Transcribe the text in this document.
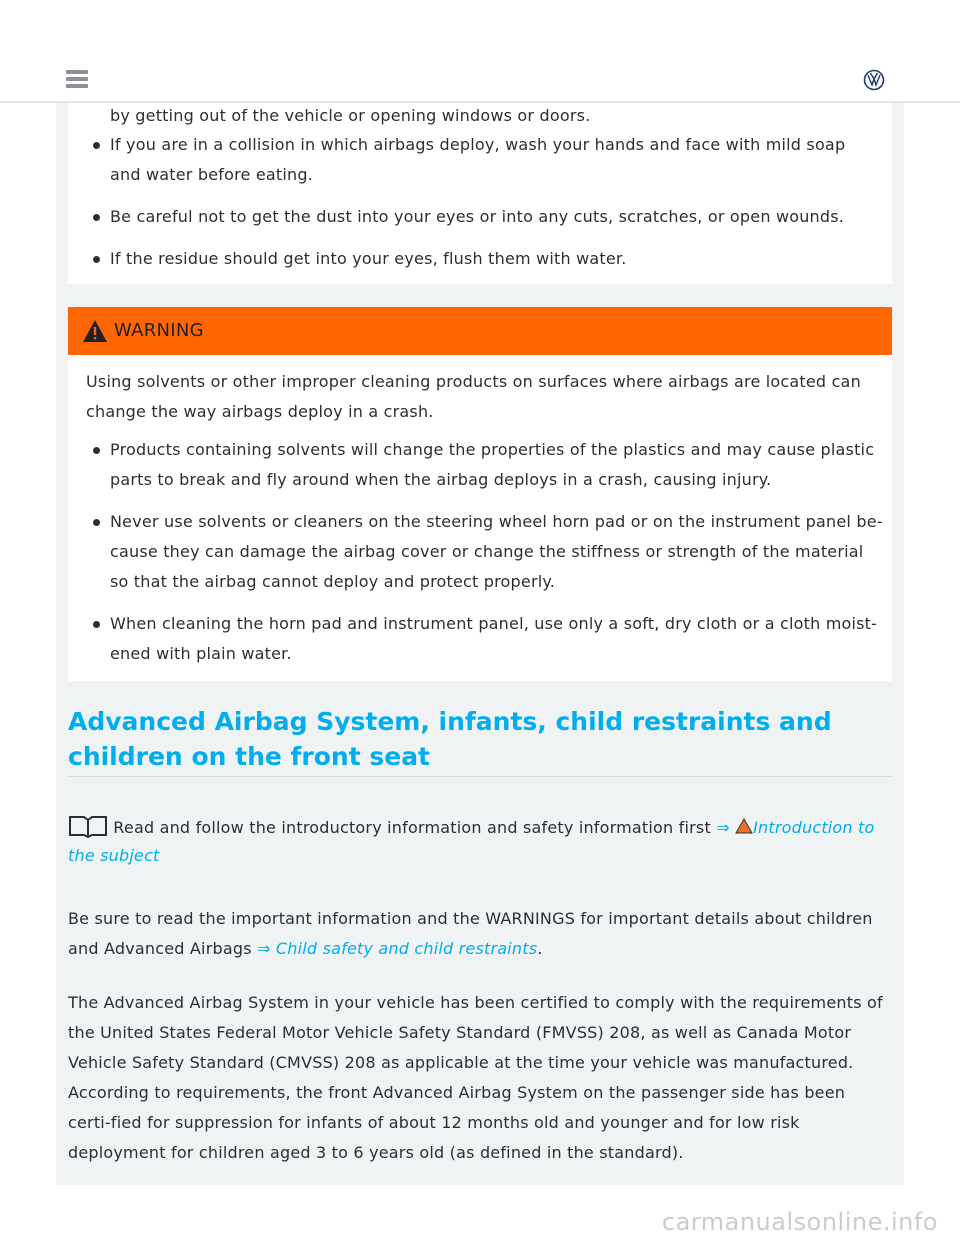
by getting out of the vehicle or opening windows or doors.
If you are in a collision in which airbags deploy, wash your hands and face with mild soap and water before eating.
Be careful not to get the dust into your eyes or into any cuts, scratches, or open wounds.
If the residue should get into your eyes, flush them with water.
WARNING
Using solvents or other improper cleaning products on surfaces where airbags are located can change the way airbags deploy in a crash.
Products containing solvents will change the properties of the plastics and may cause plastic parts to break and fly around when the airbag deploys in a crash, causing injury.
Never use solvents or cleaners on the steering wheel horn pad or on the instrument panel be-cause they can damage the airbag cover or change the stiffness or strength of the material so that the airbag cannot deploy and protect properly.
When cleaning the horn pad and instrument panel, use only a soft, dry cloth or a cloth moist-ened with plain water.
Advanced Airbag System, infants, child restraints and children on the front seat
Read and follow the introductory information and safety information first ⇒ Introduction to the subject
Be sure to read the important information and the WARNINGS for important details about children and Advanced Airbags ⇒ Child safety and child restraints.
The Advanced Airbag System in your vehicle has been certified to comply with the requirements of the United States Federal Motor Vehicle Safety Standard (FMVSS) 208, as well as Canada Motor Vehicle Safety Standard (CMVSS) 208 as applicable at the time your vehicle was manufactured. According to requirements, the front Advanced Airbag System on the passenger side has been certi-fied for suppression for infants of about 12 months old and younger and for low risk deployment for children aged 3 to 6 years old (as defined in the standard).
carmanualsonline.info
